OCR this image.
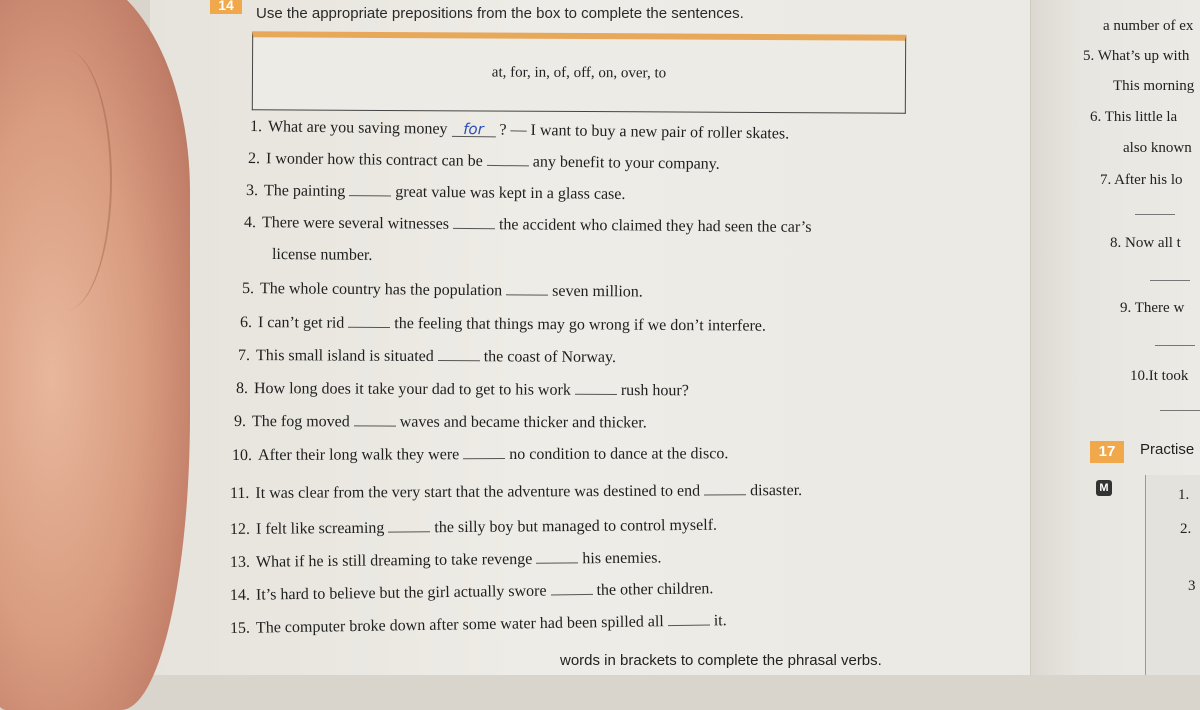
14	Use the appropriate prepositions from the box to complete the sentences.
at, for, in, of, off, on, over, to
1. What are you saving money for ? — I want to buy a new pair of roller skates.
2. I wonder how this contract can be	any benefit to your company.
3. The painting	great value was kept in a glass case.
4. There were several witnesses	the accident who claimed they had seen the car’s
license number.
5. The whole country has the population	seven million.
6. I can’t get rid	the feeling that things may go wrong if we don’t interfere.
7. This small island is situated	the coast of Norway.
8. How long does it take your dad to get to his work	rush hour?
9. The fog moved	waves and became thicker and thicker.
10. After their long walk they were	no condition to dance at the disco.
11. It was clear from the very start that the adventure was destined to end	disaster.
12. I felt like screaming	the silly boy but managed to control myself.
13. What if he is still dreaming to take revenge	his enemies.
14. It’s hard to believe but the girl actually swore	the other children.
15. The computer broke down after some water had been spilled all	it.
words in brackets to complete the phrasal verbs.
a number of ex
5. What’s up with
This morning
6. This little la
also known
7. After his lo
8. Now all t
9. There w
10.It took
17	Practise
M	1.
2.
3
